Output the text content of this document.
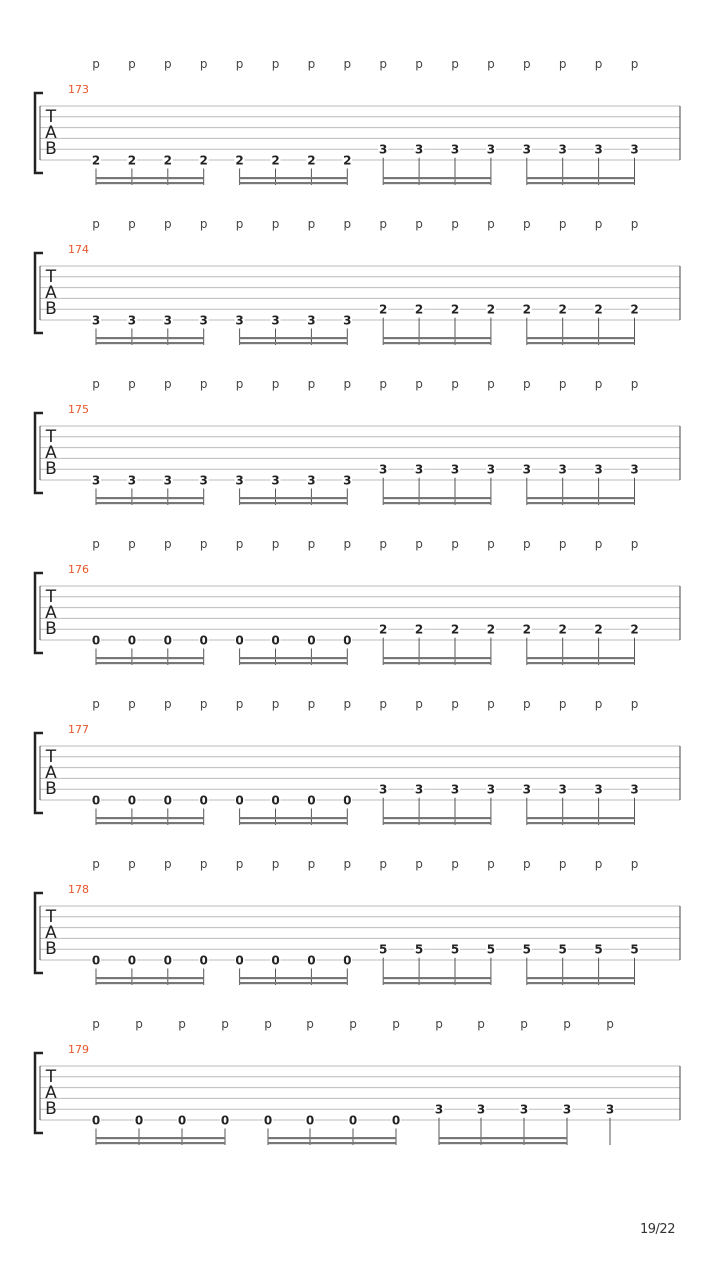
p p p p p p p p p p p p p p p p
173
T
A
B
2 2 2 2 2 2 2 2
3 3 3 3 3 3 3 3
p p p p p p p p p p p p p p p p
174
T
A
B
3 3 3 3 3 3 3 3
2 2 2 2 2 2 2 2
p p p p p p p p p p p p p p p p
175
T
A
B
3 3 3 3 3 3 3 3
3 3 3 3 3 3 3 3
p p p p p p p p p p p p p p p p
176
T
A
B
0 0 0 0 0 0 0 0
2 2 2 2 2 2 2 2
p p p p p p p p p p p p p p p p
177
T
A
B
0 0 0 0 0 0 0 0
3 3 3 3 3 3 3 3
p p p p p p p p p p p p p p p p
178
T
A
B
0 0 0 0 0 0 0 0
5 5 5 5 5 5 5 5
p	p	p	p	p	p	p	p	p	p	p	p	p
179
T
A
B
0	0	0	0	0	0	0	0
3	3	3	3	3
19/22
